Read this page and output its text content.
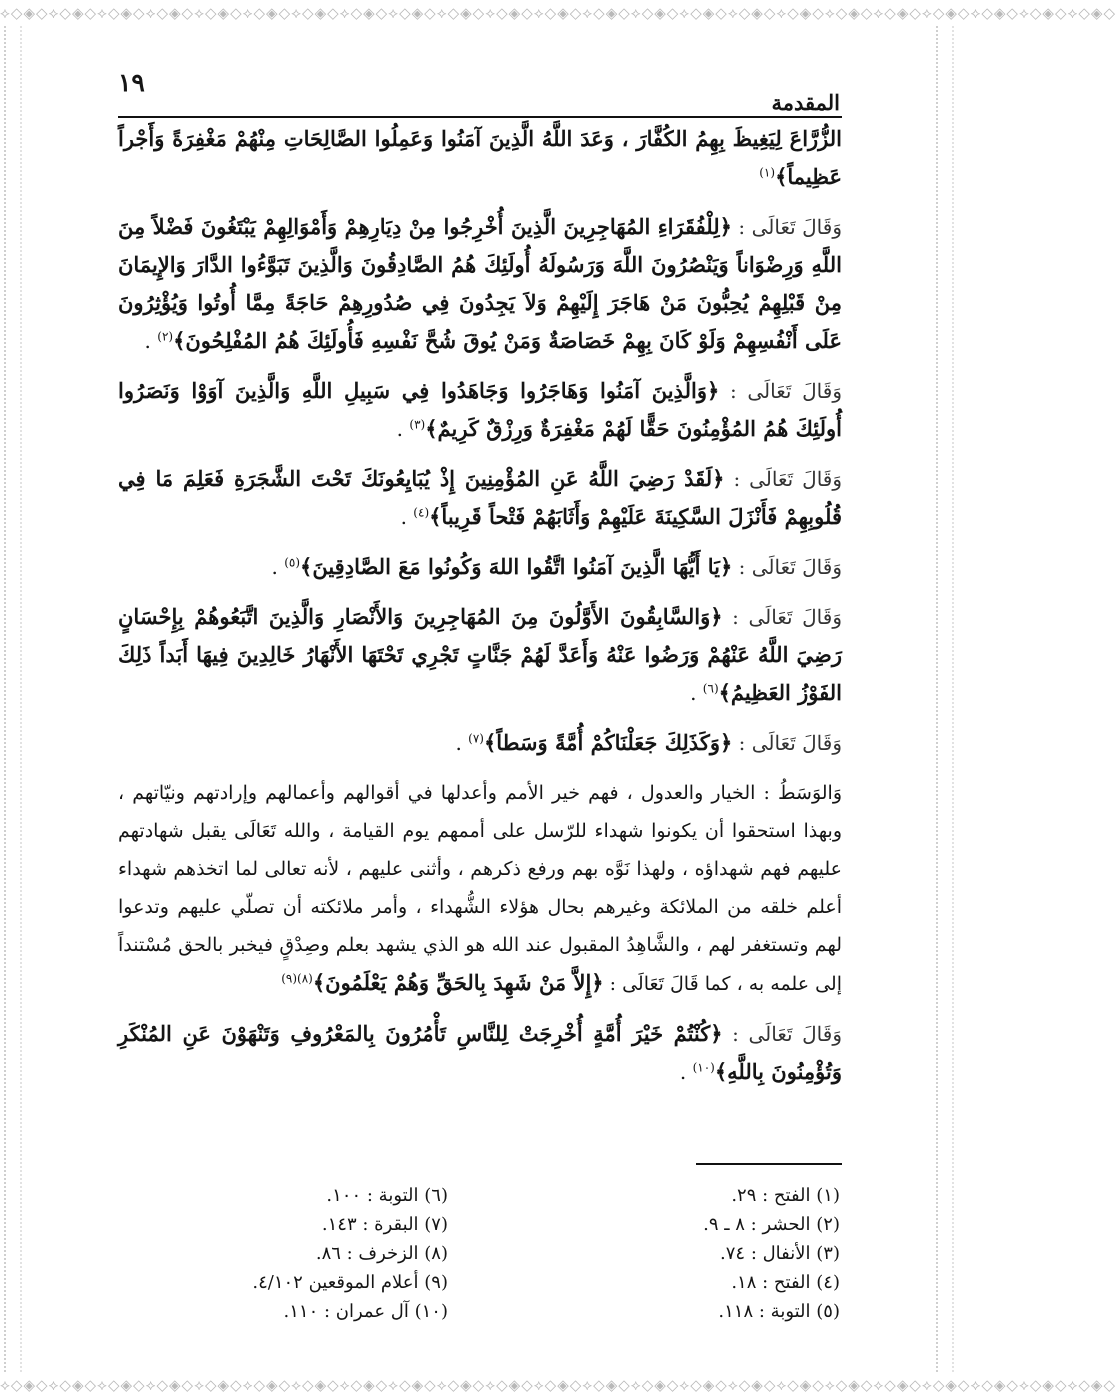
⟡◇◈◇⟡◇◈◇⟡◇◈◇⟡◇◈◇⟡◇◈◇⟡◇◈◇⟡◇◈◇⟡◇◈◇⟡◇◈◇⟡◇◈◇⟡◇◈◇⟡◇◈◇⟡◇◈◇⟡◇◈◇⟡◇◈◇⟡◇◈◇⟡◇◈◇⟡◇◈◇⟡◇◈◇⟡◇◈◇⟡◇◈◇⟡◇◈◇⟡◇◈◇
١٩
المقدمة

الزُّرَّاعَ لِيَغِيظَ بِهِمُ الكُفَّارَ ، وَعَدَ اللَّهُ الَّذِينَ آمَنُوا وَعَمِلُوا الصَّالِحَاتِ مِنْهُمْ مَغْفِرَةً وَأَجْراً عَظِيماً﴾$^{(١)}$

وَقَالَ تَعَالَى : ﴿لِلْفُقَرَاءِ المُهَاجِرِينَ الَّذِينَ أُخْرِجُوا مِنْ دِيَارِهِمْ وَأَمْوَالِهِمْ يَبْتَغُونَ فَضْلاً مِنَ اللَّهِ وَرِضْوَاناً وَيَنْصُرُونَ اللَّهَ وَرَسُولَهُ أُولَئِكَ هُمُ الصَّادِقُونَ وَالَّذِينَ تَبَوَّءُوا الدَّارَ وَالإِيمَانَ مِنْ قَبْلِهِمْ يُحِبُّونَ مَنْ هَاجَرَ إِلَيْهِمْ وَلاَ يَجِدُونَ فِي صُدُورِهِمْ حَاجَةً مِمَّا أُوتُوا وَيُؤْثِرُونَ عَلَى أَنْفُسِهِمْ وَلَوْ كَانَ بِهِمْ خَصَاصَةٌ وَمَنْ يُوقَ شُحَّ نَفْسِهِ فَأُولَئِكَ هُمُ المُفْلِحُونَ﴾$^{(٢)}$ .

وَقَالَ تَعَالَى : ﴿وَالَّذِينَ آمَنُوا وَهَاجَرُوا وَجَاهَدُوا فِي سَبِيلِ اللَّهِ وَالَّذِينَ آوَوْا وَنَصَرُوا أُولَئِكَ هُمُ المُؤْمِنُونَ حَقًّا لَهُمْ مَغْفِرَةٌ وَرِزْقٌ كَرِيمٌ﴾$^{(٣)}$ .

وَقَالَ تَعَالَى : ﴿لَقَدْ رَضِيَ اللَّهُ عَنِ المُؤْمِنِينَ إِذْ يُبَايِعُونَكَ تَحْتَ الشَّجَرَةِ فَعَلِمَ مَا فِي قُلُوبِهِمْ فَأَنْزَلَ السَّكِينَةَ عَلَيْهِمْ وَأَثَابَهُمْ فَتْحاً قَرِيباً﴾$^{(٤)}$ .

وَقَالَ تَعَالَى : ﴿يَا أَيُّهَا الَّذِينَ آمَنُوا اتَّقُوا اللهَ وَكُونُوا مَعَ الصَّادِقِينَ﴾$^{(٥)}$ .

وَقَالَ تَعَالَى : ﴿وَالسَّابِقُونَ الأَوَّلُونَ مِنَ المُهَاجِرِينَ وَالأَنْصَارِ وَالَّذِينَ اتَّبَعُوهُمْ بِإِحْسَانٍ رَضِيَ اللَّهُ عَنْهُمْ وَرَضُوا عَنْهُ وَأَعَدَّ لَهُمْ جَنَّاتٍ تَجْرِي تَحْتَهَا الأَنْهَارُ خَالِدِينَ فِيهَا أَبَداً ذَلِكَ الفَوْزُ العَظِيمُ﴾$^{(٦)}$ .

وَقَالَ تَعَالَى : ﴿وَكَذَلِكَ جَعَلْنَاكُمْ أُمَّةً وَسَطاً﴾$^{(٧)}$ .

وَالوَسَطُ : الخيار والعدول ، فهم خير الأمم وأعدلها في أقوالهم وأعمالهم وإرادتهم ونيّاتهم ، وبهذا استحقوا أن يكونوا شهداء للرّسل على أممهم يوم القيامة ، والله تَعَالَى يقبل شهادتهم عليهم فهم شهداؤه ، ولهذا نَوَّه بهم ورفع ذكرهم ، وأثنى عليهم ، لأنه تعالى لما اتخذهم شهداء أعلم خلقه من الملائكة وغيرهم بحال هؤلاء الشُّهداء ، وأمر ملائكته أن تصلّي عليهم وتدعوا لهم وتستغفر لهم ، والشَّاهِدُ المقبول عند الله هو الذي يشهد بعلم وصِدْقٍ فيخبر بالحق مُسْتنداً إلى علمه به ، كما قَالَ تَعَالَى : ﴿إِلاَّ مَنْ شَهِدَ بِالحَقِّ وَهُمْ يَعْلَمُونَ﴾$^{(٨)(٩)}$

وَقَالَ تَعَالَى : ﴿كُنْتُمْ خَيْرَ أُمَّةٍ أُخْرِجَتْ لِلنَّاسِ تَأْمُرُونَ بِالمَعْرُوفِ وَتَنْهَوْنَ عَنِ المُنْكَرِ وَتُؤْمِنُونَ بِاللَّهِ﴾$^{(١٠)}$ .

(١) الفتح : ٢٩.
(٢) الحشر : ٨ ـ ٩.
(٣) الأنفال : ٧٤.
(٤) الفتح : ١٨.
(٥) التوبة : ١١٨.
(٦) التوبة : ١٠٠.
(٧) البقرة : ١٤٣.
(٨) الزخرف : ٨٦.
(٩) أعلام الموقعين ٤/١٠٢.
(١٠) آل عمران : ١١٠.
⟡◇◈◇⟡◇◈◇⟡◇◈◇⟡◇◈◇⟡◇◈◇⟡◇◈◇⟡◇◈◇⟡◇◈◇⟡◇◈◇⟡◇◈◇⟡◇◈◇⟡◇◈◇⟡◇◈◇⟡◇◈◇⟡◇◈◇⟡◇◈◇⟡◇◈◇⟡◇◈◇⟡◇◈◇⟡◇◈◇⟡◇◈◇⟡◇◈◇⟡◇◈◇
